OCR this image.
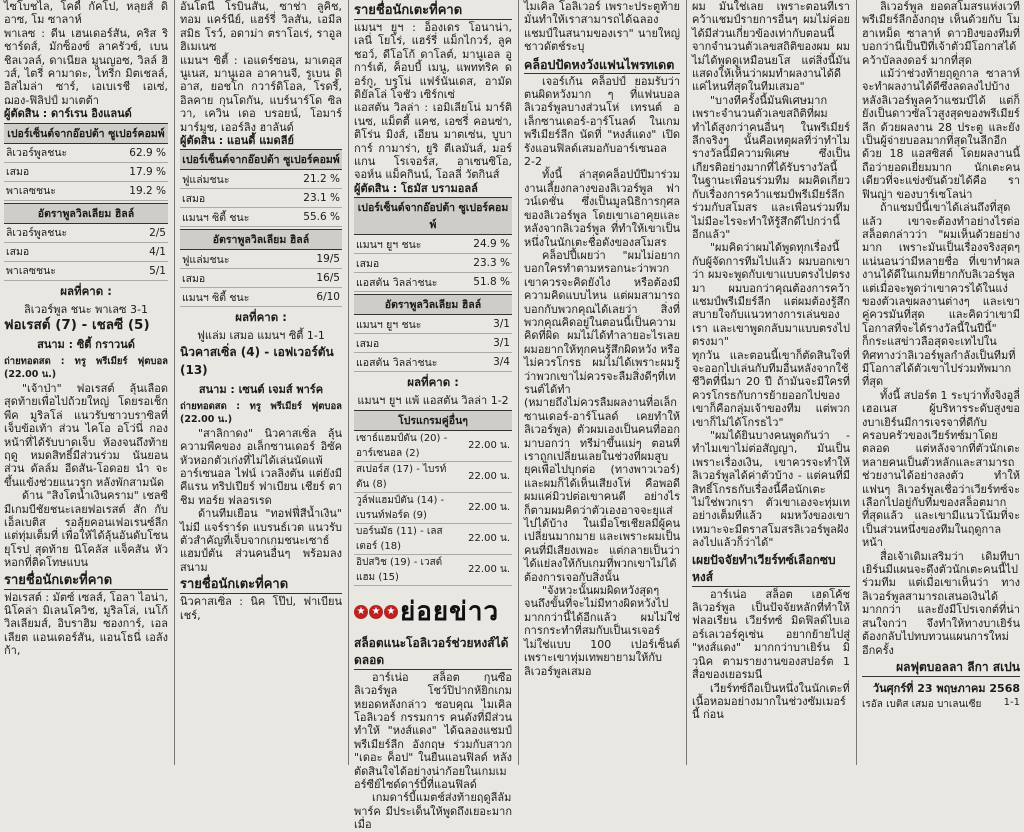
ไซโบชไล, โคดี้ กัคโป, หลุยส์ ดิอาซ, โม ซาลาห์

พาเลซ : ดีน เฮนเดอร์สัน, คริส ริชาร์ดส์, มักซ็องซ์ ลาครัวซ์, เบน ชิลเวลล์, ดาเนียล มูนญอซ, วิลล์ ฮิวส์, ไตรี่ คามาดะ, ไทรีก มิตเชลล์, อิสไมล่า ซาร์, เอเบเรชี เอเซ่, ฌอง-ฟิลิปป์ มาเตต้า

ผู้ตัดสิน : ดาร์เรน อิงแลนด์

เปอร์เซ็นต์จากอ๊อปต้า ซูเปอร์คอมพ์	
ลิเวอร์พูลชนะ	62.9 %
เสมอ	17.9 %
พาเลซชนะ	19.2 %
อัตราพูลวิลเลียม ฮิลล์	
ลิเวอร์พูลชนะ	2/5
เสมอ	4/1
พาเลซชนะ	5/1
ผลที่คาด :

ลิเวอร์พูล ชนะ พาเลซ 3-1

ฟอเรสต์ (7) - เชลซี (5)
สนาม : ซิตี้ กราวนด์

ถ่ายทอดสด : ทรู พรีเมียร์ ฟุตบอล (22.00 น.)

"เจ้าป่า" ฟอเรสต์ ลุ้นเลือด สุดท้ายเพื่อไปถ้วยใหญ่ โดยรอเช็กพีค มูริลโล่ แนวรับชาวบราซิลที่เจ็บข้อเท้า ส่วน ไคโอ อโว่นี่ กองหน้าที่ได้รับบาดเจ็บ ห้องจนถึงท้ายฤดู หมดสิทธิ์มีส่วนร่วม นันยอน ส่วน ดัลล์ม อีดสัน-โอดอย นำ จะขึ้นแข้งช่วยแนวรุก หลังพักสามนัด

ด้าน "สิงโตน้ำเงินคราม" เชลซี มีเกมบีชัยชนะเลยฟอเรสต์ สัก กับเอ็ลเบติส รอลุ้ยคอนเฟอเรนซ์ลีก แต่ทุ่มเต็มที่ เพื่อให้ได้ลุ้นอันดับโซนยุโรป สุดท้าย นิโคลัส แจ็คสัน หัวหอกที่ติดโทษแบน

รายชื่อนักเตะที่คาด

ฟอเรสต์ : มัตซ์ เซลส์, โอลา ไอน่า, นิโคล่า มิเลนโควิช, มูริลโล่, เนโก้ วิลเลียมส์, อิบราฮิม ซองการ์, เอลเลียต แอนเดอร์สัน, แอนโธนี่ เอลังก้า,

อันโตนี่ โรบินสัน, ซาช่า ลูคิช, ทอม แคร์นีย์, แฮร์รี่ วิลสัน, เอมีล สมิธ โรว์, อดาม่า ตราโอเร่, ราอูล ฮิเมเนซ

แมนฯ ซิตี้ : เอแดร์ซอน, มาเตอุส นูเนส, มานูเอล อาคานจี, รูเบน ดิอาส, ยอชโก กวาร์ดิโอล, โรดรี้, อิลคาย กุนโดกัน, แบร์นาร์โด ซิลวา, เควิน เดอ บรอยน์, โอมาร์ มาร์มูช, เออร์ลิง ฮาลันด์

ผู้ตัดสิน : แอนดี้ แมดลีย์

เปอร์เซ็นต์จากอ๊อปต้า ซูเปอร์คอมพ์	
ฟูแล่มชนะ	21.2 %
เสมอ	23.1 %
แมนฯ ซิตี้ ชนะ	55.6 %
อัตราพูลวิลเลียม ฮิลล์	
ฟูแล่มชนะ	19/5
เสมอ	16/5
แมนฯ ซิตี้ ชนะ	6/10
ผลที่คาด :

ฟูแล่ม เสมอ แมนฯ ซิตี้ 1-1

นิวคาสเซิ่ล (4) - เอฟเวอร์ตัน (13)
สนาม : เซนต์ เจมส์ พาร์ค

ถ่ายทอดสด : ทรู พรีเมียร์ ฟุตบอล (22.00 น.)

"สาลิกาดง" นิวคาสเซิ่ล ลุ้น ความพีคของ อเล็กซานเดอร์ อิซัค หัวหอกตัวเก่งที่ไม่ได้เล่นนัดแพ้อาร์เซนอล ไฟน์ เวลลิงตัน แต่ยังมี คีแรน ทริปเปียร์ ฟาเบียน เชียร์ ตาชิม ทอร์ย ฟลอรเรด

ด้านทีมเยือน "ทอฟฟี่สีน้ำเงิน" ไม่มี แจร์ราร์ด แบรนธ์เวต แนวรับตัวสำคัญที่เจ็บจากเกมชนะเซาธ์แฮมป์ตัน ส่วนคนอื่นๆ พร้อมลงสนาม

รายชื่อนักเตะที่คาด

นิวคาสเซิ่ล : นิค โป๊ป, ฟาเบียน เชร์,

รายชื่อนักเตะที่คาด

แมนฯ ยูฯ : อ็องเดร โอนาน่า, เลนี่ โยโร่, แฮร์รี่ แม็กไกวร์, ลูค ชอว์, ดีโอโก้ ดาโลต์, มานูเอล อูการ์เต้, ค็อบบี้ เมนู, แพททริค ดอร์กู, บรูโน่ แฟร์นันเดส, อามัด ดิยัลโล่ โจชัว เซิร์กเซ่

แอสตัน วิลล่า : เอมิเลียโน่ มาร์ติเนซ, แม็ตตี้ แคช, เอซรี่ คอนซ่า, ติโร่น มิงส์, เอียน มาตเซ่น, บูบาการ์ กามาร่า, ยูริ ตีเลมันส์, มอร์แกน โรเจอร์ส, อาเซนซิโอ, จอห์น แม็คกินน์, โอลลี่ วัตกินส์

ผู้ตัดสิน : โธมัส บรามอลล์

เปอร์เซ็นต์จากอ๊อปต้า ซูเปอร์คอมพ์	
แมนฯ ยูฯ ชนะ	24.9 %
เสมอ	23.3 %
แอสตัน วิลล่าชนะ	51.8 %
อัตราพูลวิลเลียม ฮิลล์	
แมนฯ ยูฯ ชนะ	3/1
เสมอ	3/1
แอสตัน วิลล่าชนะ	3/4
ผลที่คาด :

แมนฯ ยูฯ แพ้ แอสตัน วิลล่า 1-2

โปรแกรมคู่อื่นๆ	
เซาธ์แฮมป์ตัน (20) - อาร์เซนอล (2)	22.00 น.
สเปอร์ส (17) - ไบรท์ตัน (8)	22.00 น.
วูล์ฟแฮมป์ตัน (14) - เบรนท์ฟอร์ด (9)	22.00 น.
บอร์นมัธ (11) - เลสเตอร์ (18)	22.00 น.
อิปสวิช (19) - เวสต์แฮม (15)	22.00 น.
★ ★ ★ ย่อยข่าว
สล็อตแนะโอลิเวอร์ช่วยหงส์ได้ดลอด

อาร์เน่อ สล็อต กุนซือลิเวอร์พูล โชว์ปิปากห้ยิกเกมหยอดหลังกล่าว ชอบคุณ ไมเคิล โอลิเวอร์ กรรมการ คนดังที่มีส่วนทำให้ "หงส์แดง" ได้ฉลองแชมป์พรีเมียร์ลีก อังกฤษ ร่วมกับสาวก "เดอะ ค็อป" ในยืนแอนฟิลด์ หลังตัดสินใจได้อย่างน่าก้อยในเกมเมอร์ซีย์ไซด์ดาร์บี้ที่แอนฟิลด์

เกมดาร์บี้แมตช์ส่งท้ายฤดูลีลัม พาร์ค มีประเด็นให้พูดถึงเยอะมาก เมื่อ

ไมเคิ่ล โอลิเวอร์ เพราะประตูท้ายมั่นทำให้เราสามารถได้ฉลองแชมป์ในสนามของเรา" นายใหญ่ชาวดัตช์ระบุ

คล็อปปัดหงวังแฟนไพรทเดต

เจอร์เก้น คล็อปป์ ยอมรับว่าตนผิดหวังมาก ๆ ที่แฟนบอลลิเวอร์พูลบางส่วนโห่ เทรนต์ อเล็กซานเดอร์-อาร์โนลด์ ในเกมพรีเมียร์ลีก นัดที่ "หงส์แดง" เปิดรังแอนฟิลด์เสมอกับอาร์เซนอล 2-2

ทั้งนี้ ล่าสุดคล็อปป์ปีมาร่วมงานเลี้ยงกลางของลิเวอร์พูล ฟาวน์เดชั่น ซึ่งเป็นมูลนิธิการกุศลของลิเวอร์พูล โดยเขาเอาคุยเเละหลังจากลิเวอร์พูล ที่ทำให้เขาเป็นหนึ่งในนักเตะชื่อดังของสโมสร

คล็อปปี้เผยว่า "ผมไม่อยากบอกใครทำตามหรอกนะว่าพวกเขาควรจะคิดยังไง หรือต้องมีความคิดแบบไหน แต่ผมสามารถบอกกับพวกคุณได้เลยว่า สิ่งที่พวกคุณคิดอยู่ในตอนนี้เป็นความคิดที่ผิด ผมไม่ได้ทำลายอะไรเลย ผมอยากให้ทุกคนรู้สึกผิดหวัง หรือไม่ควรโกรธ ผมไม่ได้เพราะผมรู้ว่าพวกเขาไม่ควรจะลืมสิ่งดีๆที่เทรนต์ได้ทำ

(หมายถึงไม่ควรลืมผลงานที่อเล็กซานเดอร์-อาร์โนลด์ เคยทำให้ลิเวอร์พูล) ตัวผมเองเป็นคนที่ออกมาบอกว่า ทรีม่าขึ้นแม่ๆ ตอนที่เราถูกเปลี่ยนเลยในช่วงที่ผมสูบยุคเพื่อไปบุกต่อ (ทางพาวเวอร์) และผมก็ได้เห็นเสียงโห่ คือพอดีผมแค่มิวปต่อเขาคนดี อย่างไรก็ตามผมคิดว่าตัวเองอาจจะยุแส่ไปได้บ้าง ในเมื่อโซเชียลมีผู้คนเปลี่ยนมากมาย และเพราะผมเป็นคนที่มีเสียงเพอะ แต่กลายเป็นว่าได้แย่ลงให้กับเกมที่พวกเขาไม่ได้ต้องการเจอกับสิ่งนั้น

"จังหวะนั้นผมผิดหวังสุดๆ จนถึงขั้นที่จะไม่มีทางผิดหวังไปมากกว่านี้ได้อีกแล้ว ผมไม่ใช่การกระทำที่สมกับเป็นเรเจอร์ ไม่ใช่แบบ 100 เปอร์เซ็นต์ เพราะเขาทุ่มเทพยายามให้กับลิเวอร์พูลเสมอ

ผม มันใช่เลย เพราะตอนที่เราคว้าแชมป์รายการอื่นๆ ผมไม่ค่อยได้มีส่วนเกี่ยวข้องเท่ากับตอนนี้ จากจำนวนตัวเลขสถิติของผม ผมไม่ได้พูดดูเหมือนยโส แต่สิ่งนี้มันแสดงให้เห็นว่าผมทำผลงานได้ดีแค่ไหนที่สุดในทีมเสมอ"

"บางทีครั้งนี้มันพิเศษมาก เพราะจำนวนตัวเลขสถิติที่ผมทำได้สูงกว่าคนอื่นๆ ในพรีเมียร์ลีกจริงๆ นั้นคือเหตุผลที่ว่าทำไมรางวัลนี้มีความพิเศษ ซึ่งเป็นเกียรติอย่างมากที่ได้รับรางวัลนี้ในฐานะเพื่อนร่วมทีม ผมคิดเกี่ยวกับเรื่องการคว้าแชมป์พรีเมียร์ลีกร่วมกับสโมสร และเพื่อนร่วมทีม ไม่มีอะไรจะทำให้รู้สึกดีไปกว่านี้อีกแล้ว"

"ผมคิดว่าผมได้พูดทุกเรื่องนี้กับผู้จัดการทีมไปแล้ว ผมบอกเขาว่า ผมจะพูดกับเขาแบบตรงไปตรงมา ผมบอกว่าคุณต้องการคว้าแชมป์พรีเมียร์ลีก แต่ผมต้องรู้สึกสบายใจกับแนวทางการเล่นของเรา และเขาพูดกลับมาแบบตรงไปตรงมา"

ทุกวัน และตอนนี้เขาก็ตัดสินใจที่จะออกไปเล่นกับทีมอื่นหลังจากใช้ชีวิตที่นี่มา 20 ปี ถ้ามันจะมีใครที่ควรโกรธกับการย้ายออกไปของเขาก็คือกลุ่มเจ้าของทีม แต่พวกเขาก็ไม่ได้โกรธไว"

"ผมได้ยินบางคนพูดกันว่า - ทำไมเขาไม่ต่อสัญญา, มันเป็นเพราะเรื่องเงิน, เขาควรจะทำให้ลิเวอร์พูลได้ค่าตัวบ้าง - แต่คนที่มีสิทธิ์โกรธกับเรื่องนี้คือนักเตะ ไม่ใช่พวกเรา ตัวเขาเองจะทุ่มเทอย่างเต็มที่แล้ว ผมหวังของเขาเหมาะจะมีตราสโมสรลิเวอร์พูลฝังลงไปแล้วก็ว่าได้"

เผยปัจจัยทำเวียร์ทซ์เลือกซบหงส์

อาร์เน่อ สล็อต เฮดโค้ชลิเวอร์พูล เป็นปัจจัยหลักที่ทำให้ ฟลอเรียน เวียร์ทซ์ มิดฟิลด์ไบเออร์เลเวอร์คูเซ่น อยากย้ายไปสู่ "หงส์แดง" มากกว่าบาเยิร์น มิวนิค ตามรายงานของสปอร์ต 1 สื่อของเยอรมนี

เวียร์ทซ์ถือเป็นหนึ่งในนักเตะที่เนื้อหอมอย่างมากในช่วงซัมเมอร์นี้ ก่อน

ลิเวอร์พูล ยอดสโมสรแห่งเวทีพรีเมียร์ลีกอังกฤษ เห็นด้วยกับ โมฮาเหม็ด ซาลาห์ ดาวยิงของทีมที่บอกว่านี่เป็นปีที่เจ้าตัวมีโอกาสได้คว้าบัลลงดอร์ มากที่สุด

แม้ว่าช่วงท้ายฤดูกาล ซาลาห์จะทำผลงานได้ดีซึ่งลดลงไปบ้าง หลังลิเวอร์พูลคว้าแชมป์ได้ แต่ก็ยังเป็นดาวซัลโวสูงสุดของพรีเมียร์ลีก ด้วยผลงาน 28 ประตู และยังเป็นผู้จ่ายบอลมากที่สุดในลีกอีกด้วย 18 แอสซิสต์ โดยผลงานนี้ถือว่ายอดเยี่ยมมาก นักเตะคนเดียวที่จะแข่งขันด้วยได้คือ ราฟินญ่า ของบาร์เซโลน่า

ถ้าแชมป์นี้เขาได้เล่นถึงที่สุดแล้ว เขาจะต้องทำอย่างไรต่อ สล็อตกล่าวว่า "ผมเห็นด้วยอย่างมาก เพราะมันเป็นเรื่องจริงสุดๆ แน่นอนว่ามีหลายชื่อ ที่เขาทำผลงานได้ดีในเกมที่ยากกับลิเวอร์พูล แต่เมื่อจะพูดว่าเขาควรได้ในแง่ของตัวเลขผลงานต่างๆ และเขาคู่ควรมันที่สุด และคิดว่าเขามีโอกาสที่จะได้รางวัลนี้ในปีนี้"

ก็กระแสข่าวลือสุดจะเทไปในทิศทางว่าลิเวอร์พูลกำลังเป็นทีมที่มีโอกาสได้ตัวเขาไปร่วมทัพมากที่สุด

ทั้งนี้ สปอร์ต 1 ระบุว่าทั้งจิงอูลี่ เฮอเนส ผู้บริหารระดับสูงของบาเยิร์นมีการเจรจาที่ดีกับครอบครัวของเวียร์ทซ์มาโดยตลอด แต่หลังจากที่ตัวนักเตะหลายคนเป็นตัวหลักและสามารถช่วยงานได้อย่างลงตัว ทำให้แฟนๆ ลิเวอร์พูลเชื่อว่าเวียร์ทซ์จะเลือกไปอยู่กับทีมของสล็อตมากที่สุดแล้ว และเขามีแนวโน้มที่จะเป็นส่วนหนึ่งของทีมในฤดูกาลหน้า

สื่อเจ้าเดิมเสริมว่า เดิมทีบาเยิร์นมีแผนจะดึงตัวนักเตะคนนี้ไปร่วมทีม แต่เมื่อเขาเห็นว่า ทางลิเวอร์พูลสามารถเสนอเงินได้มากกว่า และยังมีโปรเจกต์ที่น่าสนใจกว่า จึงทำให้ทางบาเยิร์นต้องกลับไปทบทวนแผนการใหม่อีกครั้ง

ผลฟุตบอลลา ลีกา สเปน
วันศุกร์ที่ 23 พฤษภาคม 2568
เรอัล เบติส เสมอ บาเลนเซีย 1-1
